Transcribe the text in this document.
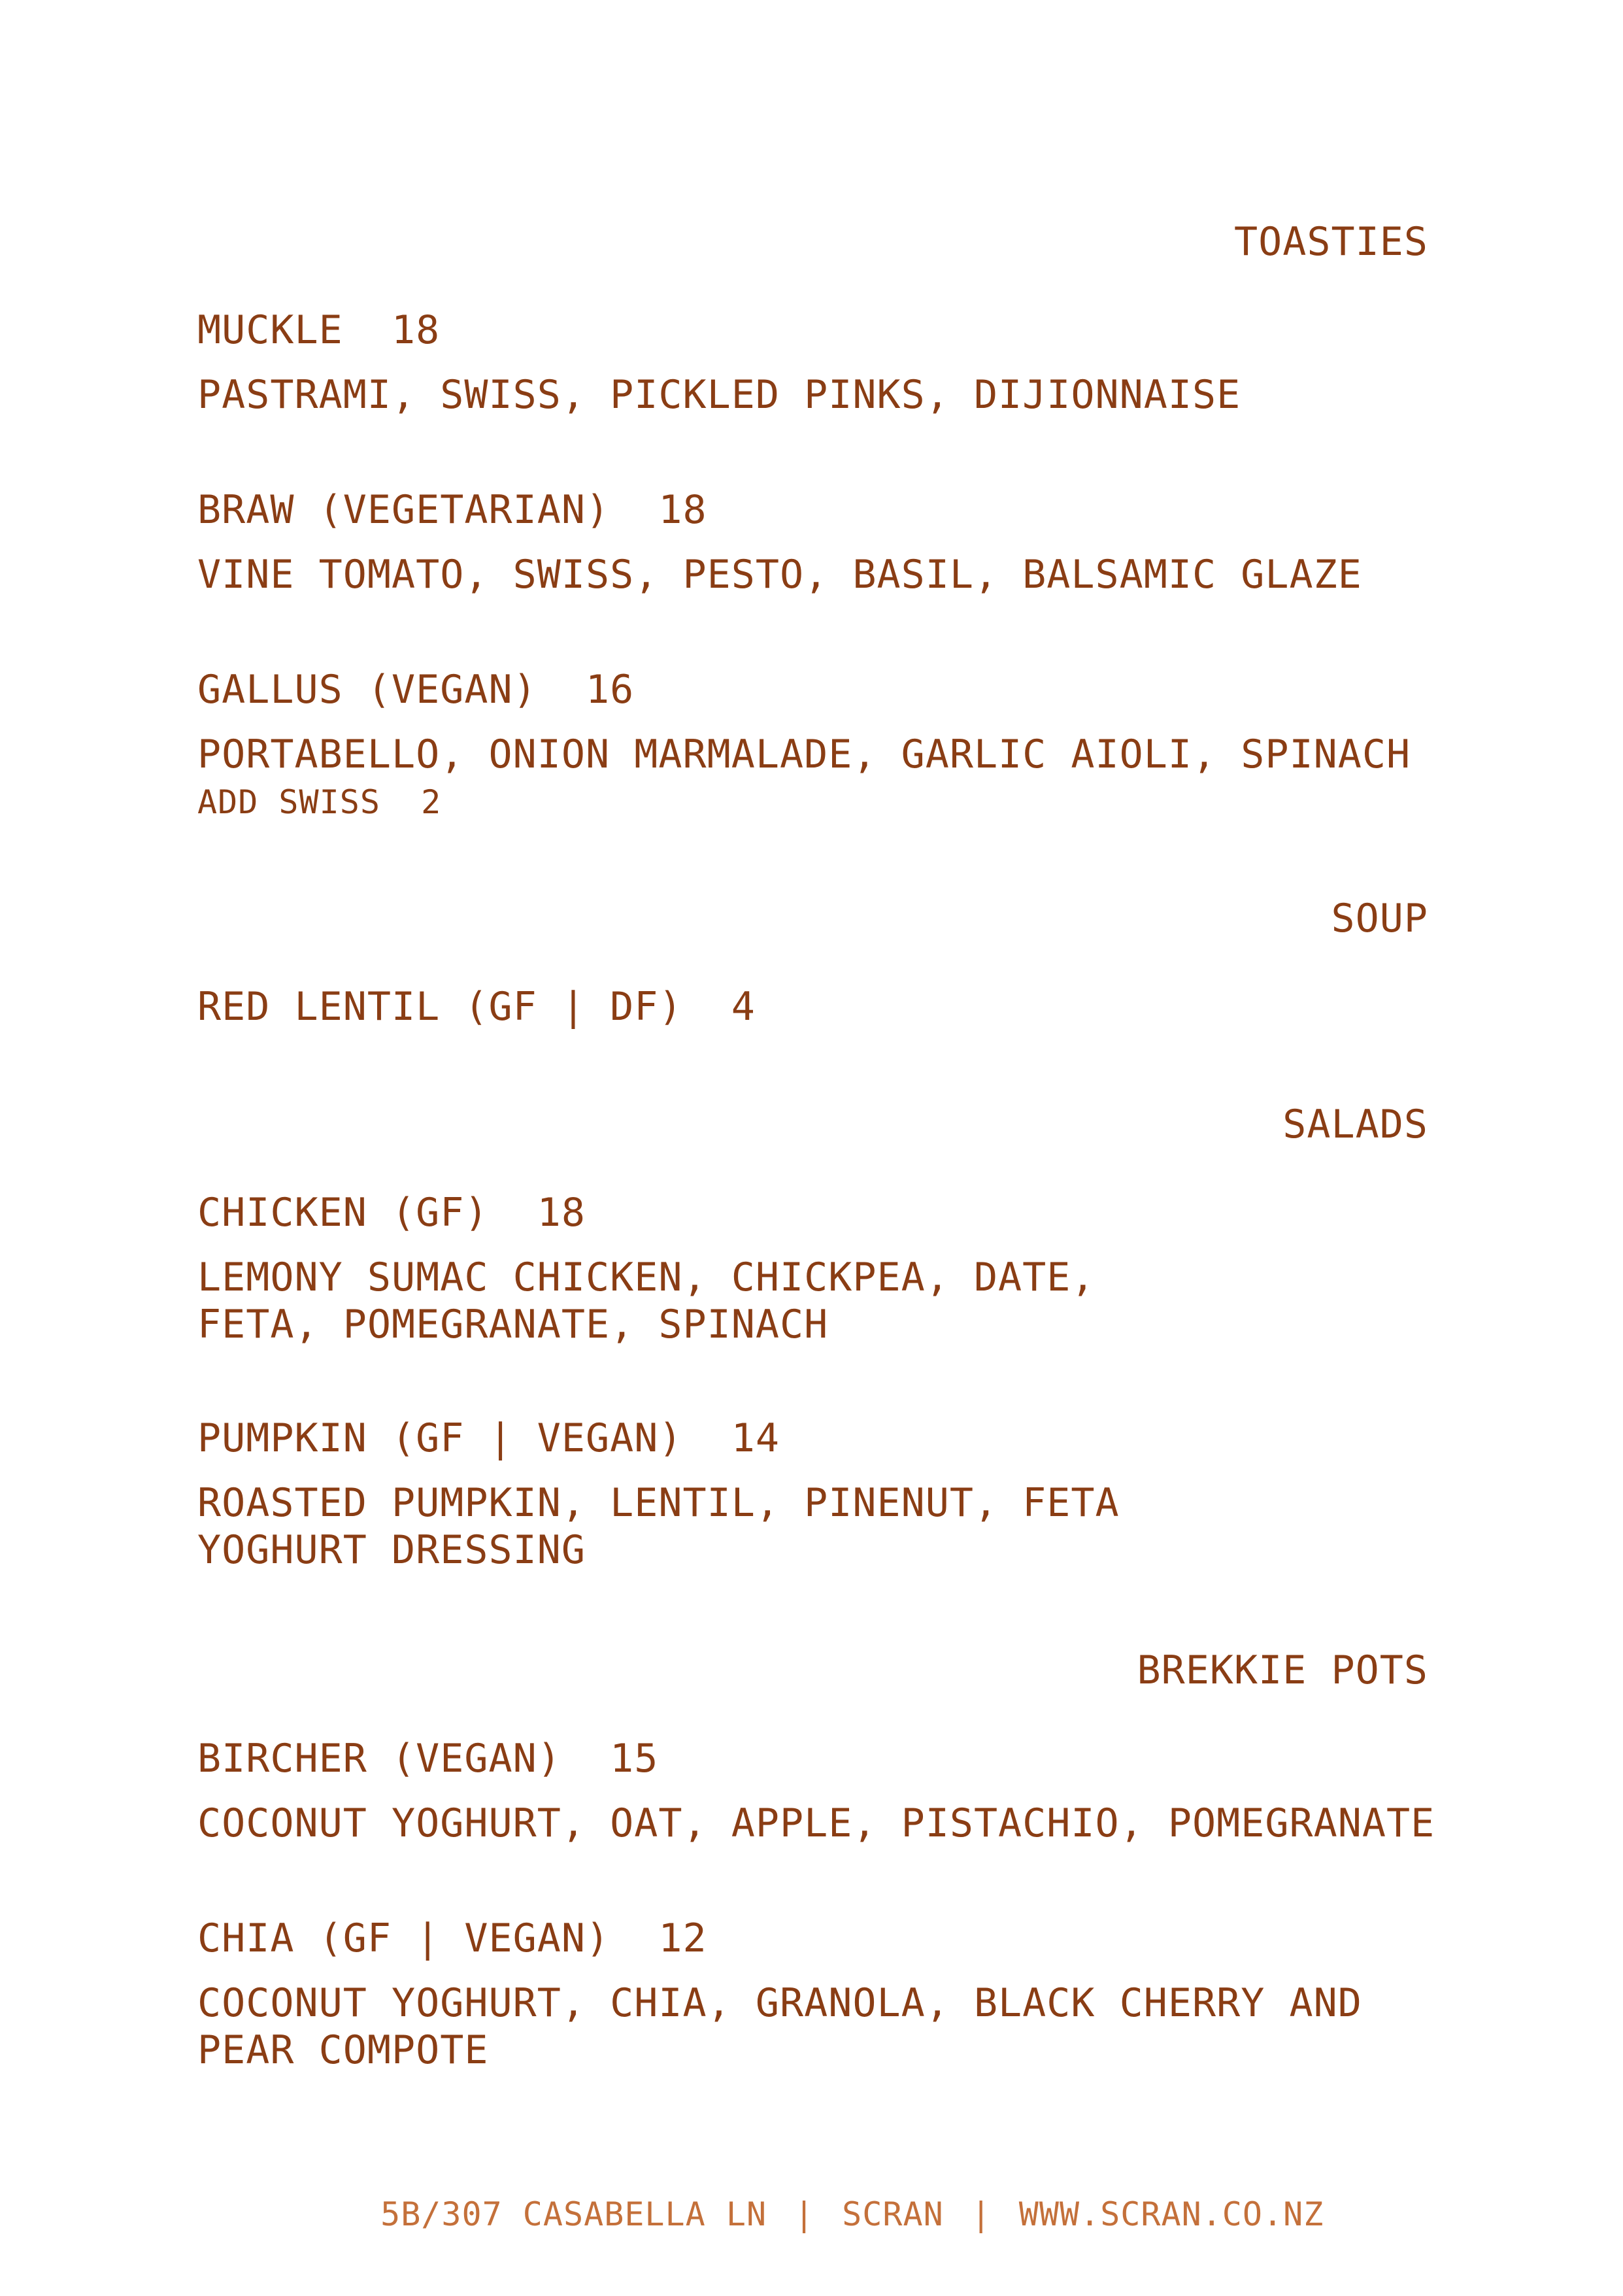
TOASTIES
MUCKLE  18
PASTRAMI, SWISS, PICKLED PINKS, DIJIONNAISE
BRAW (VEGETARIAN)  18
VINE TOMATO, SWISS, PESTO, BASIL, BALSAMIC GLAZE
GALLUS (VEGAN)  16
PORTABELLO, ONION MARMALADE, GARLIC AIOLI, SPINACH
ADD SWISS  2
SOUP
RED LENTIL (GF | DF)  4
SALADS
CHICKEN (GF)  18
LEMONY SUMAC CHICKEN, CHICKPEA, DATE, FETA, POMEGRANATE, SPINACH
PUMPKIN (GF | VEGAN)  14
ROASTED PUMPKIN, LENTIL, PINENUT, FETA YOGHURT DRESSING
BREKKIE POTS
BIRCHER (VEGAN)  15
COCONUT YOGHURT, OAT, APPLE, PISTACHIO, POMEGRANATE
CHIA (GF | VEGAN)  12
COCONUT YOGHURT, CHIA, GRANOLA, BLACK CHERRY AND PEAR COMPOTE

5B/307 CASABELLA LN | SCRAN | WWW.SCRAN.CO.NZ
